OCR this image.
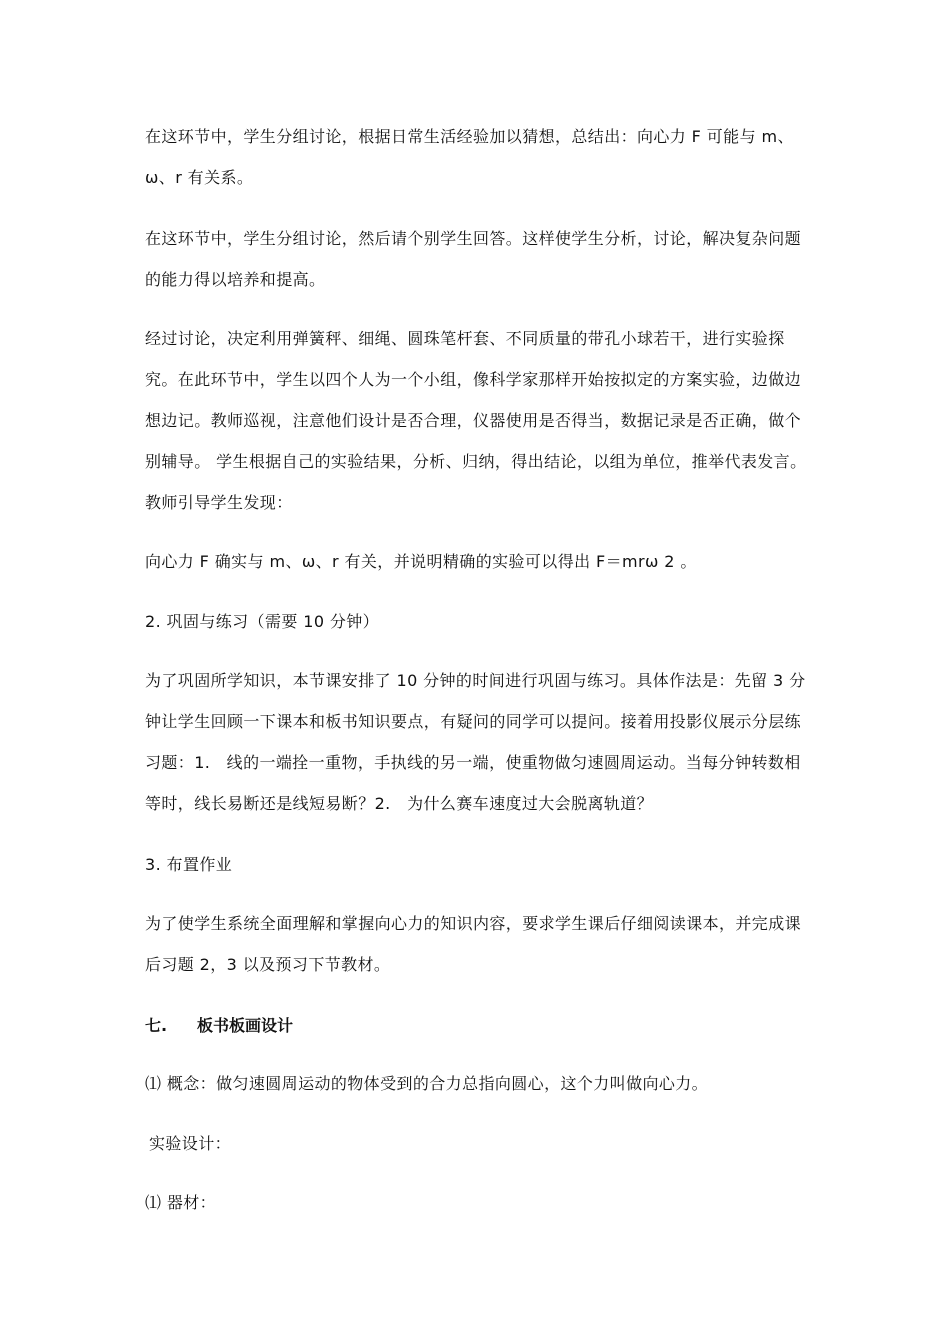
在这环节中，学生分组讨论，根据日常生活经验加以猜想，总结出：向心力 F 可能与 m、ω、r 有关系。

在这环节中，学生分组讨论，然后请个别学生回答。这样使学生分析，讨论，解决复杂问题的能力得以培养和提高。

经过讨论，决定利用弹簧秤、细绳、圆珠笔杆套、不同质量的带孔小球若干，进行实验探究。在此环节中，学生以四个人为一个小组，像科学家那样开始按拟定的方案实验，边做边想边记。教师巡视，注意他们设计是否合理，仪器使用是否得当，数据记录是否正确，做个别辅导。 学生根据自己的实验结果，分析、归纳，得出结论，以组为单位，推举代表发言。 教师引导学生发现：

向心力 F 确实与 m、ω、r 有关，并说明精确的实验可以得出 F＝mrω 2 。

2. 巩固与练习（需要 10 分钟）

为了巩固所学知识，本节课安排了 10 分钟的时间进行巩固与练习。具体作法是：先留 3 分钟让学生回顾一下课本和板书知识要点，有疑问的同学可以提问。接着用投影仪展示分层练习题：1.　线的一端拴一重物，手执线的另一端，使重物做匀速圆周运动。当每分钟转数相等时，线长易断还是线短易断？2.　为什么赛车速度过大会脱离轨道？

3. 布置作业

为了使学生系统全面理解和掌握向心力的知识内容，要求学生课后仔细阅读课本，并完成课后习题 2，3 以及预习下节教材。

七. 板书板画设计

⑴ 概念：做匀速圆周运动的物体受到的合力总指向圆心，这个力叫做向心力。

实验设计：

⑴ 器材：
